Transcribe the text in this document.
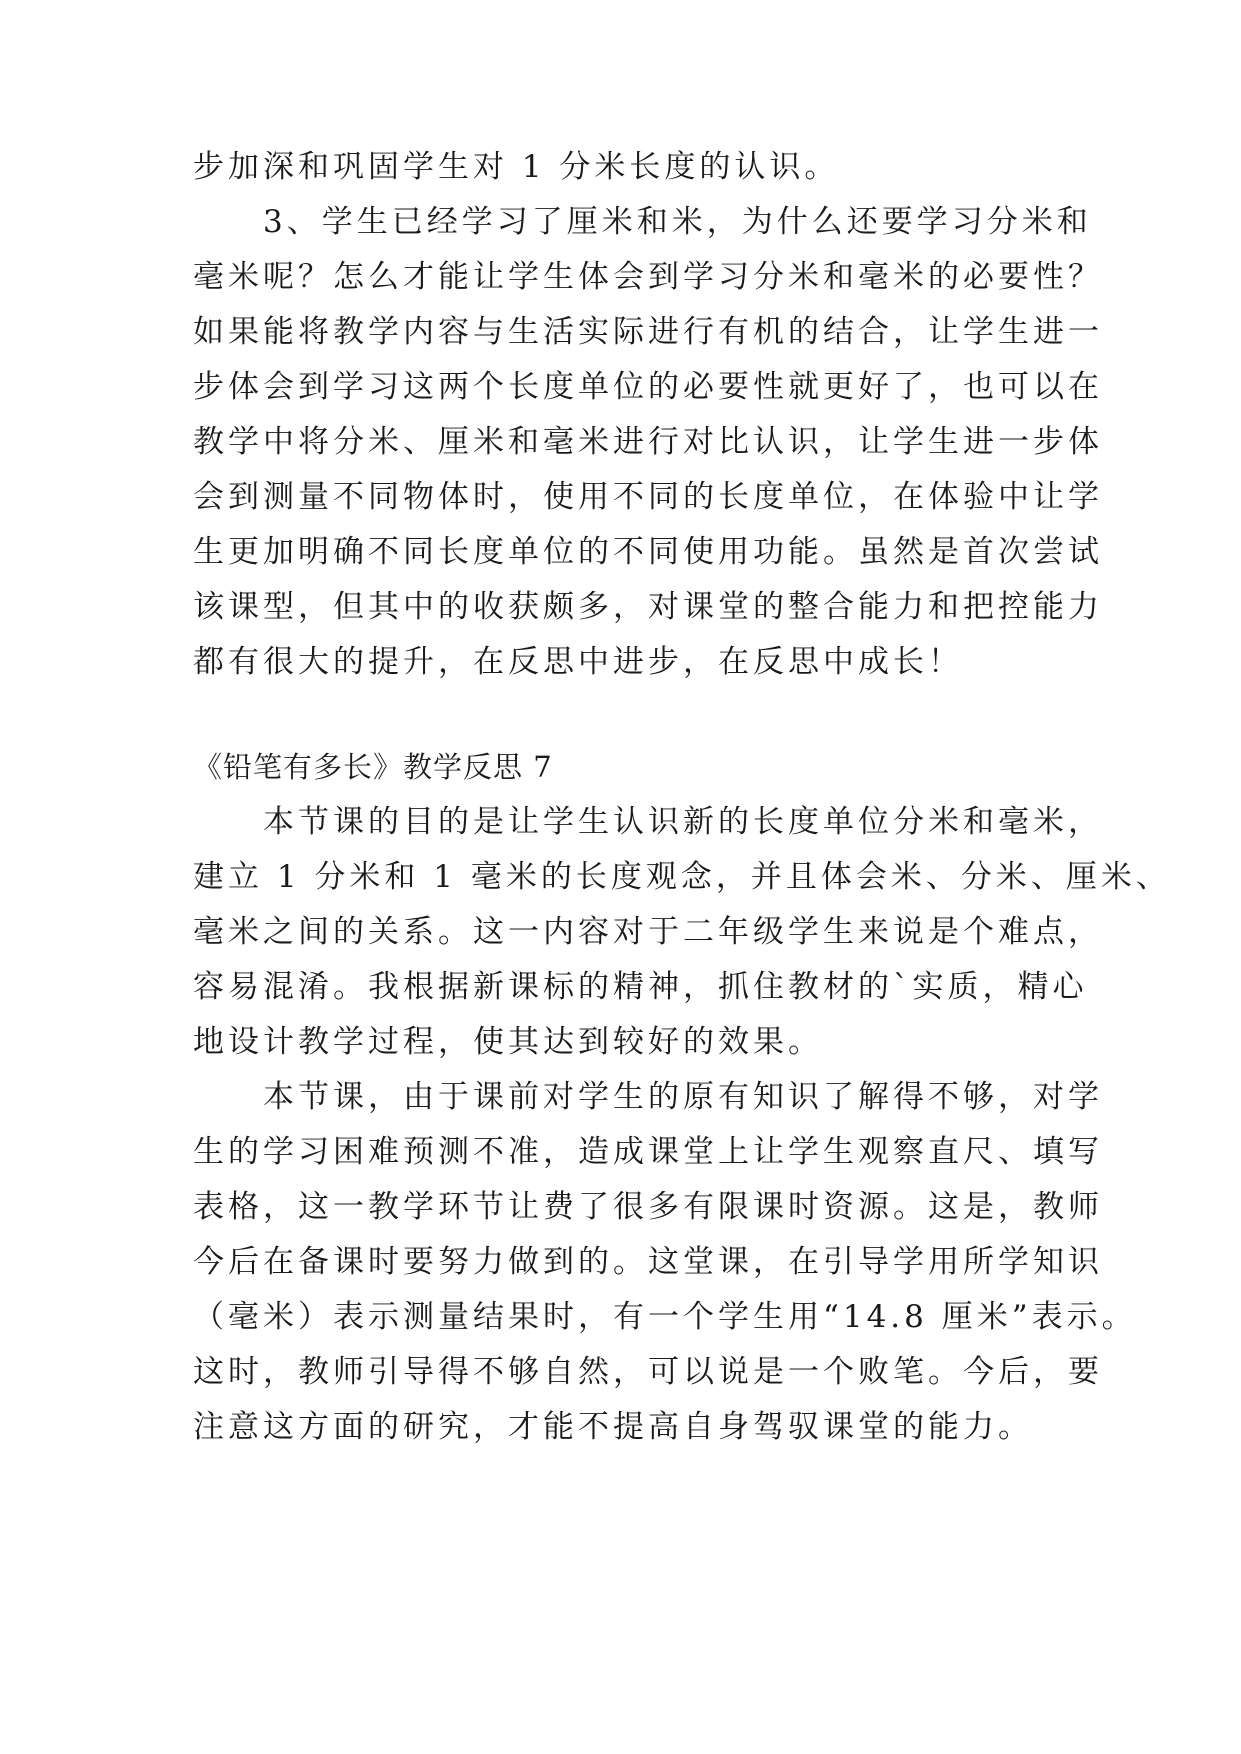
步加深和巩固学生对 1 分米长度的认识。
　　3、学生已经学习了厘米和米，为什么还要学习分米和
毫米呢？怎么才能让学生体会到学习分米和毫米的必要性？
如果能将教学内容与生活实际进行有机的结合，让学生进一
步体会到学习这两个长度单位的必要性就更好了，也可以在
教学中将分米、厘米和毫米进行对比认识，让学生进一步体
会到测量不同物体时，使用不同的长度单位，在体验中让学
生更加明确不同长度单位的不同使用功能。虽然是首次尝试
该课型，但其中的收获颇多，对课堂的整合能力和把控能力
都有很大的提升，在反思中进步，在反思中成长！
《铅笔有多长》教学反思 7
　　本节课的目的是让学生认识新的长度单位分米和毫米，
建立 1 分米和 1 毫米的长度观念，并且体会米、分米、厘米、
毫米之间的关系。这一内容对于二年级学生来说是个难点，
容易混淆。我根据新课标的精神，抓住教材的`实质，精心
地设计教学过程，使其达到较好的效果。
　　本节课，由于课前对学生的原有知识了解得不够，对学
生的学习困难预测不准，造成课堂上让学生观察直尺、填写
表格，这一教学环节让费了很多有限课时资源。这是，教师
今后在备课时要努力做到的。这堂课，在引导学用所学知识
（毫米）表示测量结果时，有一个学生用“14.8 厘米”表示。
这时，教师引导得不够自然，可以说是一个败笔。今后，要
注意这方面的研究，才能不提高自身驾驭课堂的能力。
